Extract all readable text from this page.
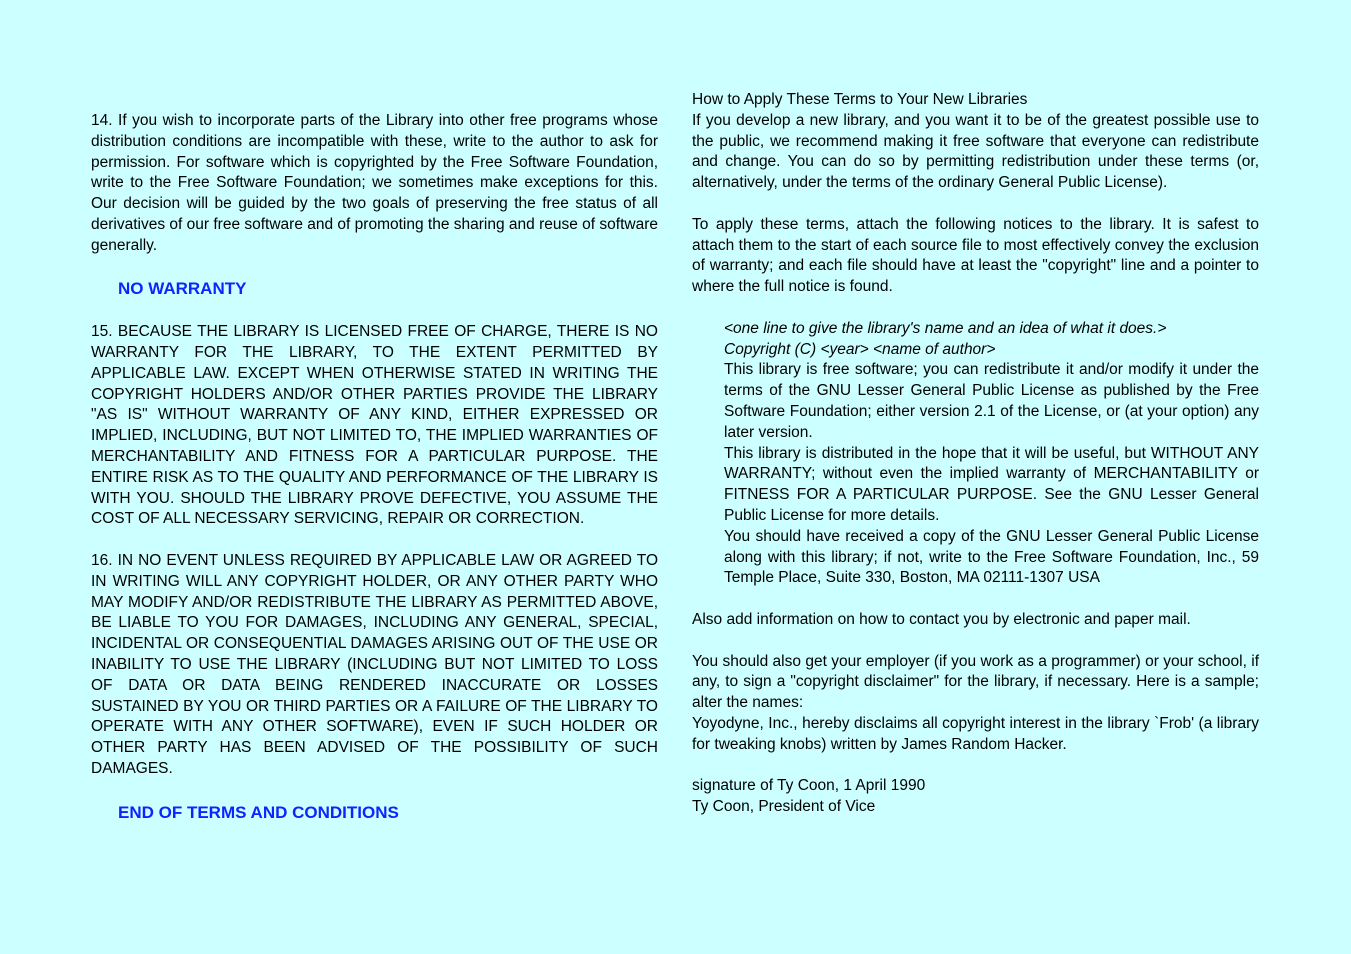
14. If you wish to incorporate parts of the Library into other free programs whose distribution conditions are incompatible with these, write to the author to ask for permission. For software which is copyrighted by the Free Software Foundation, write to the Free Software Foundation; we sometimes make exceptions for this. Our decision will be guided by the two goals of preserving the free status of all derivatives of our free software and of promoting the sharing and reuse of software generally.

NO WARRANTY

15. BECAUSE THE LIBRARY IS LICENSED FREE OF CHARGE, THERE IS NO WARRANTY FOR THE LIBRARY, TO THE EXTENT PERMITTED BY APPLICABLE LAW. EXCEPT WHEN OTHERWISE STATED IN WRITING THE COPYRIGHT HOLDERS AND/OR OTHER PARTIES PROVIDE THE LIBRARY "AS IS" WITHOUT WARRANTY OF ANY KIND, EITHER EXPRESSED OR IMPLIED, INCLUDING, BUT NOT LIMITED TO, THE IMPLIED WARRANTIES OF MERCHANTABILITY AND FITNESS FOR A PARTICULAR PURPOSE. THE ENTIRE RISK AS TO THE QUALITY AND PERFORMANCE OF THE LIBRARY IS WITH YOU. SHOULD THE LIBRARY PROVE DEFECTIVE, YOU ASSUME THE COST OF ALL NECESSARY SERVICING, REPAIR OR CORRECTION.

16. IN NO EVENT UNLESS REQUIRED BY APPLICABLE LAW OR AGREED TO IN WRITING WILL ANY COPYRIGHT HOLDER, OR ANY OTHER PARTY WHO MAY MODIFY AND/OR REDISTRIBUTE THE LIBRARY AS PERMITTED ABOVE, BE LIABLE TO YOU FOR DAMAGES, INCLUDING ANY GENERAL, SPECIAL, INCIDENTAL OR CONSEQUENTIAL DAMAGES ARISING OUT OF THE USE OR INABILITY TO USE THE LIBRARY (INCLUDING BUT NOT LIMITED TO LOSS OF DATA OR DATA BEING RENDERED INACCURATE OR LOSSES SUSTAINED BY YOU OR THIRD PARTIES OR A FAILURE OF THE LIBRARY TO OPERATE WITH ANY OTHER SOFTWARE), EVEN IF SUCH HOLDER OR OTHER PARTY HAS BEEN ADVISED OF THE POSSIBILITY OF SUCH DAMAGES.

END OF TERMS AND CONDITIONS

How to Apply These Terms to Your New Libraries

If you develop a new library, and you want it to be of the greatest possible use to the public, we recommend making it free software that everyone can redistribute and change. You can do so by permitting redistribution under these terms (or, alternatively, under the terms of the ordinary General Public License).

To apply these terms, attach the following notices to the library. It is safest to attach them to the start of each source file to most effectively convey the exclusion of warranty; and each file should have at least the "copyright" line and a pointer to where the full notice is found.

<one line to give the library's name and an idea of what it does.>

Copyright (C) <year> <name of author>

This library is free software; you can redistribute it and/or modify it under the terms of the GNU Lesser General Public License as published by the Free Software Foundation; either version 2.1 of the License, or (at your option) any later version.

This library is distributed in the hope that it will be useful, but WITHOUT ANY WARRANTY; without even the implied warranty of MERCHANTABILITY or FITNESS FOR A PARTICULAR PURPOSE. See the GNU Lesser General Public License for more details.

You should have received a copy of the GNU Lesser General Public License along with this library; if not, write to the Free Software Foundation, Inc., 59 Temple Place, Suite 330, Boston, MA 02111-1307 USA

Also add information on how to contact you by electronic and paper mail.

You should also get your employer (if you work as a programmer) or your school, if any, to sign a "copyright disclaimer" for the library, if necessary. Here is a sample; alter the names:

Yoyodyne, Inc., hereby disclaims all copyright interest in the library `Frob' (a library for tweaking knobs) written by James Random Hacker.

signature of Ty Coon, 1 April 1990

Ty Coon, President of Vice
